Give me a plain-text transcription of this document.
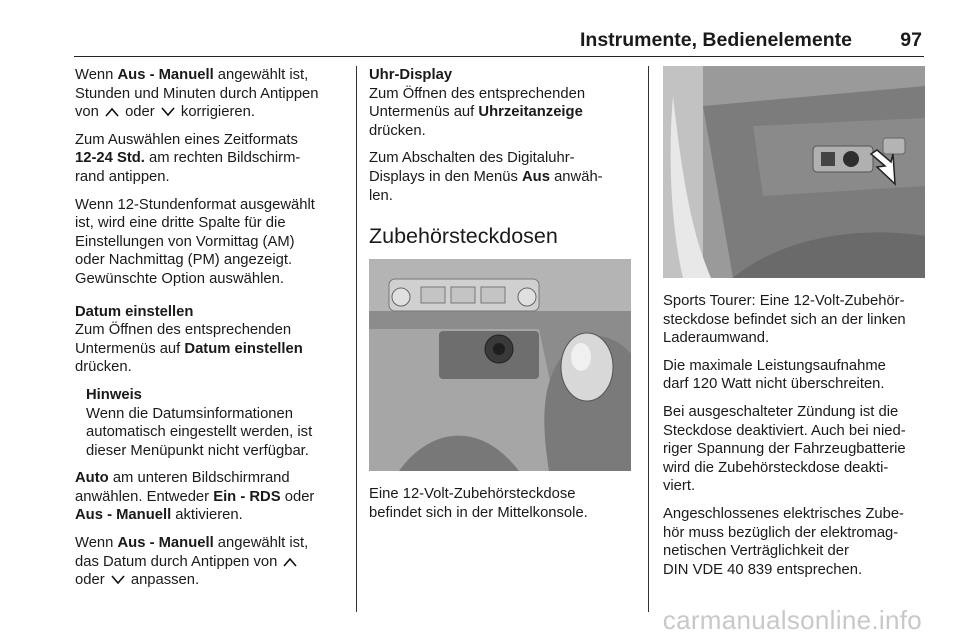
Instrumente, Bedienelemente 97

Wenn Aus - Manuell angewählt ist,
Stunden und Minuten durch Antippen
von  oder  korrigieren.

Zum Auswählen eines Zeitformats
12-24 Std. am rechten Bildschirm-
rand antippen.

Wenn 12-Stundenformat ausgewählt
ist, wird eine dritte Spalte für die
Einstellungen von Vormittag (AM)
oder Nachmittag (PM) angezeigt.
Gewünschte Option auswählen.

Datum einstellen

Zum Öffnen des entsprechenden
Untermenüs auf Datum einstellen
drücken.

Hinweis
Wenn die Datumsinformationen
automatisch eingestellt werden, ist
dieser Menüpunkt nicht verfügbar.

Auto am unteren Bildschirmrand
anwählen. Entweder Ein - RDS oder
Aus - Manuell aktivieren.

Wenn Aus - Manuell angewählt ist,
das Datum durch Antippen von
oder  anpassen.

Uhr-Display

Zum Öffnen des entsprechenden
Untermenüs auf Uhrzeitanzeige
drücken.

Zum Abschalten des Digitaluhr-
Displays in den Menüs Aus anwäh-
len.

Zubehörsteckdosen

Eine 12-Volt-Zubehörsteckdose
befindet sich in der Mittelkonsole.

Sports Tourer: Eine 12-Volt-Zubehör-
steckdose befindet sich an der linken
Laderaumwand.

Die maximale Leistungsaufnahme
darf 120 Watt nicht überschreiten.

Bei ausgeschalteter Zündung ist die
Steckdose deaktiviert. Auch bei nied-
riger Spannung der Fahrzeugbatterie
wird die Zubehörsteckdose deakti-
viert.

Angeschlossenes elektrisches Zube-
hör muss bezüglich der elektromag-
netischen Verträglichkeit der
DIN VDE 40 839 entsprechen.

carmanualsonline.info
